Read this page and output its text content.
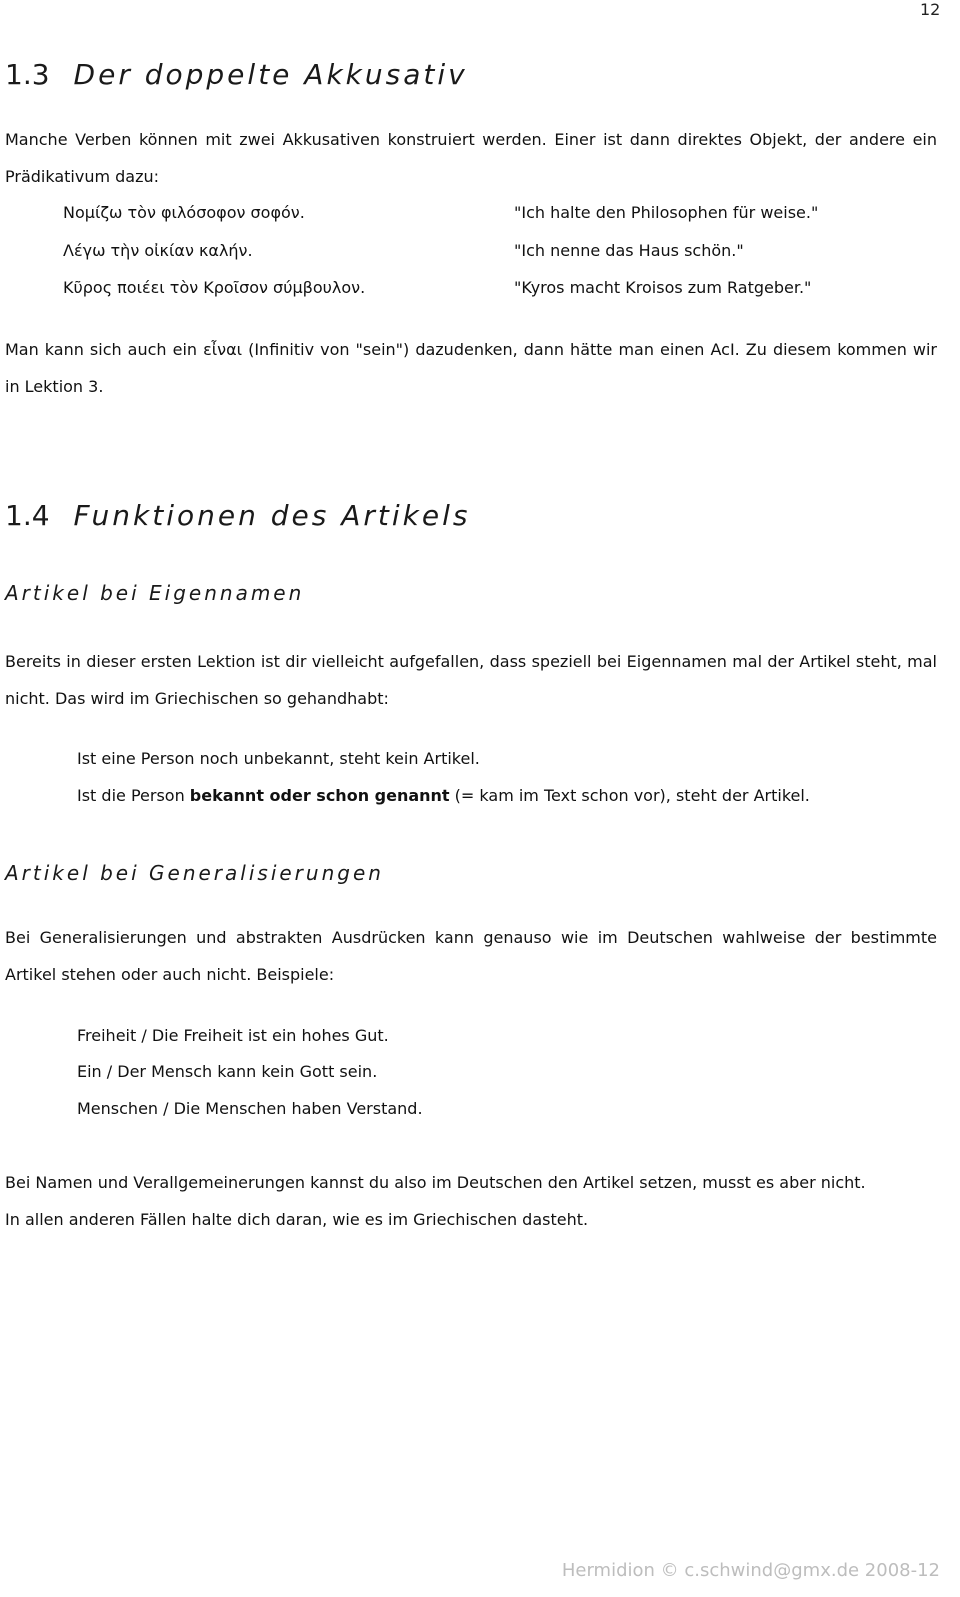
12
1.3 Der doppelte Akkusativ

Manche Verben können mit zwei Akkusativen konstruiert werden. Einer ist dann direktes Objekt, der andere ein Prädikativum dazu:

Νομίζω τὸν φιλόσοφον σοφόν.	"Ich halte den Philosophen für weise."
Λέγω τὴν οἰκίαν καλήν.	"Ich nenne das Haus schön."
Κῦρος ποιέει τὸν Κροῖσον σύμβουλον.	"Kyros macht Kroisos zum Ratgeber."

Man kann sich auch ein εἶναι (Infinitiv von "sein") dazudenken, dann hätte man einen AcI. Zu diesem kommen wir in Lektion 3.

1.4 Funktionen des Artikels
Artikel bei Eigennamen

Bereits in dieser ersten Lektion ist dir vielleicht aufgefallen, dass speziell bei Eigennamen mal der Artikel steht, mal nicht. Das wird im Griechischen so gehandhabt:

Ist eine Person noch unbekannt, steht kein Artikel.
Ist die Person bekannt oder schon genannt (= kam im Text schon vor), steht der Artikel.
Artikel bei Generalisierungen

Bei Generalisierungen und abstrakten Ausdrücken kann genauso wie im Deutschen wahlweise der bestimmte Artikel stehen oder auch nicht. Beispiele:

Freiheit / Die Freiheit ist ein hohes Gut.
Ein / Der Mensch kann kein Gott sein.
Menschen / Die Menschen haben Verstand.
Bei Namen und Verallgemeinerungen kannst du also im Deutschen den Artikel setzen, musst es aber nicht.
In allen anderen Fällen halte dich daran, wie es im Griechischen dasteht.
Hermidion © c.schwind@gmx.de 2008-12
